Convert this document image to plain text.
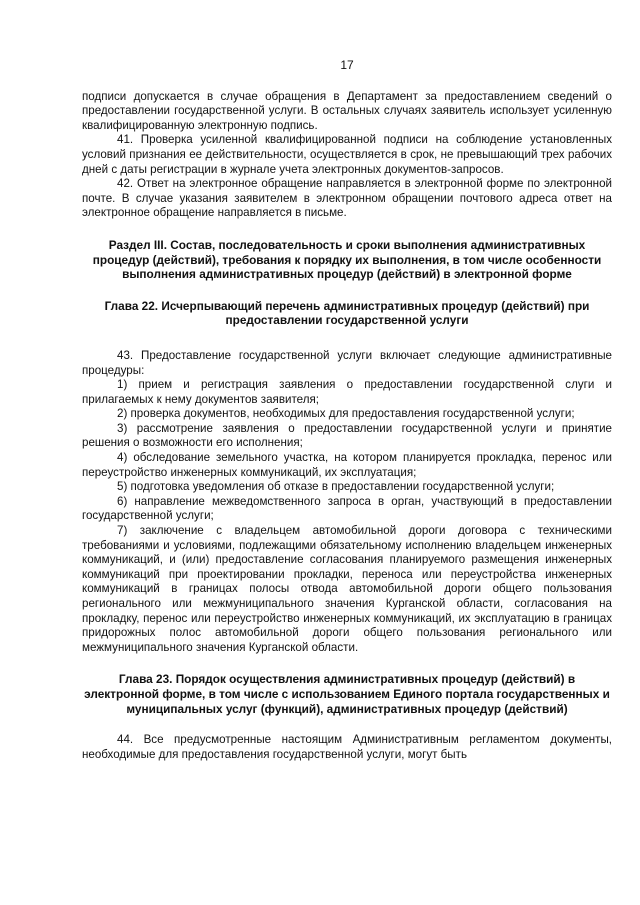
17

подписи допускается в случае обращения в Департамент за предоставлением сведений о предоставлении государственной услуги. В остальных случаях заявитель использует усиленную квалифицированную электронную подпись.

41. Проверка усиленной квалифицированной подписи на соблюдение установленных условий признания ее действительности, осуществляется в срок, не превышающий трех рабочих дней с даты регистрации в журнале учета электронных документов-запросов.

42. Ответ на электронное обращение направляется в электронной форме по электронной почте. В случае указания заявителем в электронном обращении почтового адреса ответ на электронное обращение направляется в письме.

Раздел III. Состав, последовательность и сроки выполнения административных процедур (действий), требования к порядку их выполнения, в том числе особенности выполнения административных процедур (действий) в электронной форме
Глава 22. Исчерпывающий перечень административных процедур (действий) при предоставлении государственной услуги

43. Предоставление государственной услуги включает следующие административные процедуры:

1) прием и регистрация заявления о предоставлении государственной слуги и прилагаемых к нему документов заявителя;

2) проверка документов, необходимых для предоставления государственной услуги;

3) рассмотрение заявления о предоставлении государственной услуги и принятие решения о возможности его исполнения;

4) обследование земельного участка, на котором планируется прокладка, перенос или переустройство инженерных коммуникаций, их эксплуатация;

5) подготовка уведомления об отказе в предоставлении государственной услуги;

6) направление межведомственного запроса в орган, участвующий в предоставлении государственной услуги;

7) заключение с владельцем автомобильной дороги договора с техническими требованиями и условиями, подлежащими обязательному исполнению владельцем инженерных коммуникаций, и (или) предоставление согласования планируемого размещения инженерных коммуникаций при проектировании прокладки, переноса или переустройства инженерных коммуникаций в границах полосы отвода автомобильной дороги общего пользования регионального или межмуниципального значения Курганской области, согласования на прокладку, перенос или переустройство инженерных коммуникаций, их эксплуатацию в границах придорожных полос автомобильной дороги общего пользования регионального или межмуниципального значения Курганской области.

Глава 23. Порядок осуществления административных процедур (действий) в электронной форме, в том числе с использованием Единого портала государственных и муниципальных услуг (функций), административных процедур (действий)

44. Все предусмотренные настоящим Административным регламентом документы, необходимые для предоставления государственной услуги, могут быть
